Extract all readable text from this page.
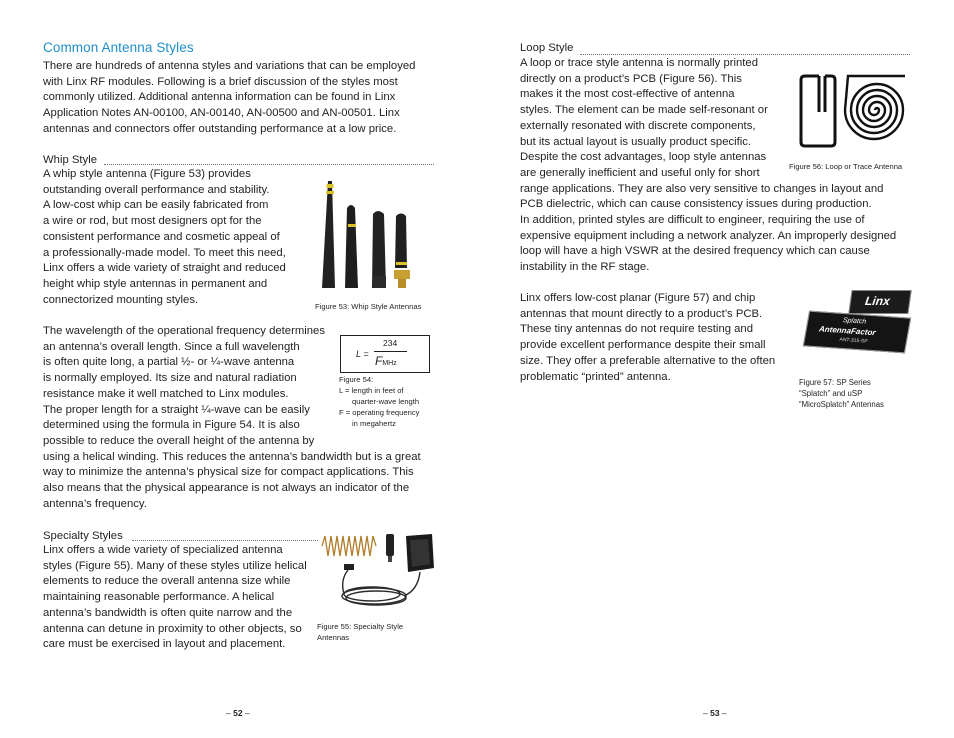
Common Antenna Styles
There are hundreds of antenna styles and variations that can be employed
with Linx RF modules. Following is a brief discussion of the styles most
commonly utilized. Additional antenna information can be found in Linx
Application Notes AN-00100, AN-00140, AN-00500 and AN-00501. Linx
antennas and connectors offer outstanding performance at a low price.
Whip Style
A whip style antenna (Figure 53) provides
outstanding overall performance and stability.
A low-cost whip can be easily fabricated from
a wire or rod, but most designers opt for the
consistent performance and cosmetic appeal of
a professionally-made model. To meet this need,
Linx offers a wide variety of straight and reduced
height whip style antennas in permanent and
connectorized mounting styles.
Figure 53: Whip Style Antennas
The wavelength of the operational frequency determines
an antenna’s overall length. Since a full wavelength
is often quite long, a partial ½- or ¼-wave antenna
is normally employed. Its size and natural radiation
resistance make it well matched to Linx modules.
The proper length for a straight ¼-wave can be easily
determined using the formula in Figure 54. It is also
possible to reduce the overall height of the antenna by
using a helical winding. This reduces the antenna’s bandwidth but is a great
way to minimize the antenna’s physical size for compact applications. This
also means that the physical appearance is not always an indicator of the
antenna’s frequency.
234
L = FMHz
Figure 54:
L = length in feet of
quarter-wave length
F = operating frequency
in megahertz
Specialty Styles
Linx offers a wide variety of specialized antenna
styles (Figure 55). Many of these styles utilize helical
elements to reduce the overall antenna size while
maintaining reasonable performance. A helical
antenna’s bandwidth is often quite narrow and the
antenna can detune in proximity to other objects, so
care must be exercised in layout and placement.
Figure 55: Specialty Style
Antennas
– 52 –
Loop Style
A loop or trace style antenna is normally printed
directly on a product’s PCB (Figure 56). This
makes it the most cost-effective of antenna
styles. The element can be made self-resonant or
externally resonated with discrete components,
but its actual layout is usually product specific.
Despite the cost advantages, loop style antennas
are generally inefficient and useful only for short
range applications. They are also very sensitive to changes in layout and
PCB dielectric, which can cause consistency issues during production.
In addition, printed styles are difficult to engineer, requiring the use of
expensive equipment including a network analyzer. An improperly designed
loop will have a high VSWR at the desired frequency which can cause
instability in the RF stage.
Figure 56: Loop or Trace Antenna
Linx offers low-cost planar (Figure 57) and chip
antennas that mount directly to a product’s PCB.
These tiny antennas do not require testing and
provide excellent performance despite their small
size. They offer a preferable alternative to the often
problematic “printed” antenna.
Linx
Splatch
AntennaFactor
ANT-315-SP
Figure 57: SP Series
“Splatch” and uSP
“MicroSplatch” Antennas
– 53 –
